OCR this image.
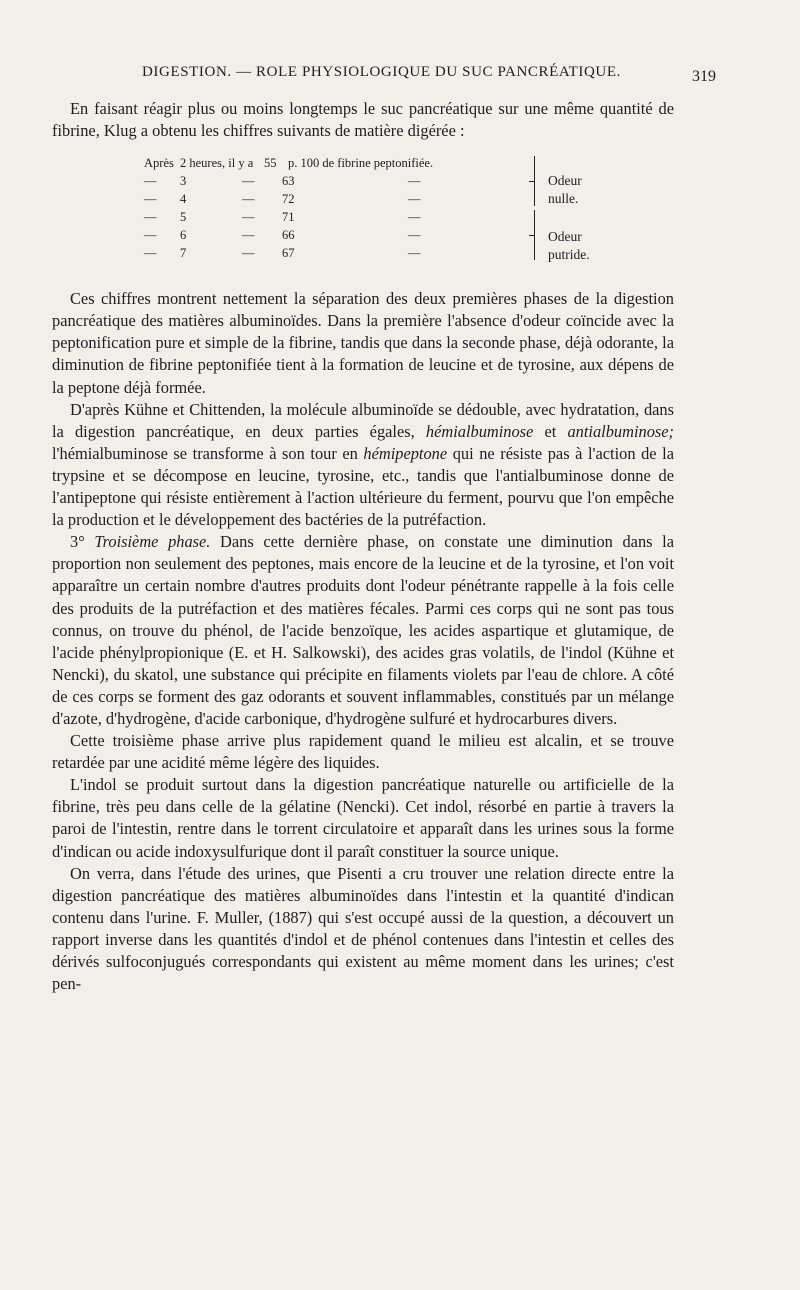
DIGESTION. — ROLE PHYSIOLOGIQUE DU SUC PANCRÉATIQUE.	319

En faisant réagir plus ou moins longtemps le suc pancréatique sur une même quantité de fibrine, Klug a obtenu les chiffres suivants de matière digérée :

Après 2 heures, il y a 55 p. 100 de fibrine peptonifiée.
—	3	—	63	—
—	4	—	72	—
—	5	—	71	—
—	6	—	66	—
—	7	—	67	—
Odeur nulle.
Odeur putride.

Ces chiffres montrent nettement la séparation des deux premières phases de la digestion pancréatique des matières albuminoïdes. Dans la première l'absence d'odeur coïncide avec la peptonification pure et simple de la fibrine, tandis que dans la seconde phase, déjà odorante, la diminution de fibrine peptonifiée tient à la formation de leucine et de tyrosine, aux dépens de la peptone déjà formée.

D'après Kühne et Chittenden, la molécule albuminoïde se dédouble, avec hydratation, dans la digestion pancréatique, en deux parties égales, hémialbuminose et antialbuminose; l'hémialbuminose se transforme à son tour en hémipeptone qui ne résiste pas à l'action de la trypsine et se décompose en leucine, tyrosine, etc., tandis que l'antialbuminose donne de l'antipeptone qui résiste entièrement à l'action ultérieure du ferment, pourvu que l'on empêche la production et le développement des bactéries de la putréfaction.

3° Troisième phase. Dans cette dernière phase, on constate une diminution dans la proportion non seulement des peptones, mais encore de la leucine et de la tyrosine, et l'on voit apparaître un certain nombre d'autres produits dont l'odeur pénétrante rappelle à la fois celle des produits de la putréfaction et des matières fécales. Parmi ces corps qui ne sont pas tous connus, on trouve du phénol, de l'acide benzoïque, les acides aspartique et glutamique, de l'acide phénylpropionique (E. et H. Salkowski), des acides gras volatils, de l'indol (Kühne et Nencki), du skatol, une substance qui précipite en filaments violets par l'eau de chlore. A côté de ces corps se forment des gaz odorants et souvent inflammables, constitués par un mélange d'azote, d'hydrogène, d'acide carbonique, d'hydrogène sulfuré et hydrocarbures divers.

Cette troisième phase arrive plus rapidement quand le milieu est alcalin, et se trouve retardée par une acidité même légère des liquides.

L'indol se produit surtout dans la digestion pancréatique naturelle ou artificielle de la fibrine, très peu dans celle de la gélatine (Nencki). Cet indol, résorbé en partie à travers la paroi de l'intestin, rentre dans le torrent circulatoire et apparaît dans les urines sous la forme d'indican ou acide indoxysulfurique dont il paraît constituer la source unique.

On verra, dans l'étude des urines, que Pisenti a cru trouver une relation directe entre la digestion pancréatique des matières albuminoïdes dans l'intestin et la quantité d'indican contenu dans l'urine. F. Muller, (1887) qui s'est occupé aussi de la question, a découvert un rapport inverse dans les quantités d'indol et de phénol contenues dans l'intestin et celles des dérivés sulfoconjugués correspondants qui existent au même moment dans les urines; c'est pen-
